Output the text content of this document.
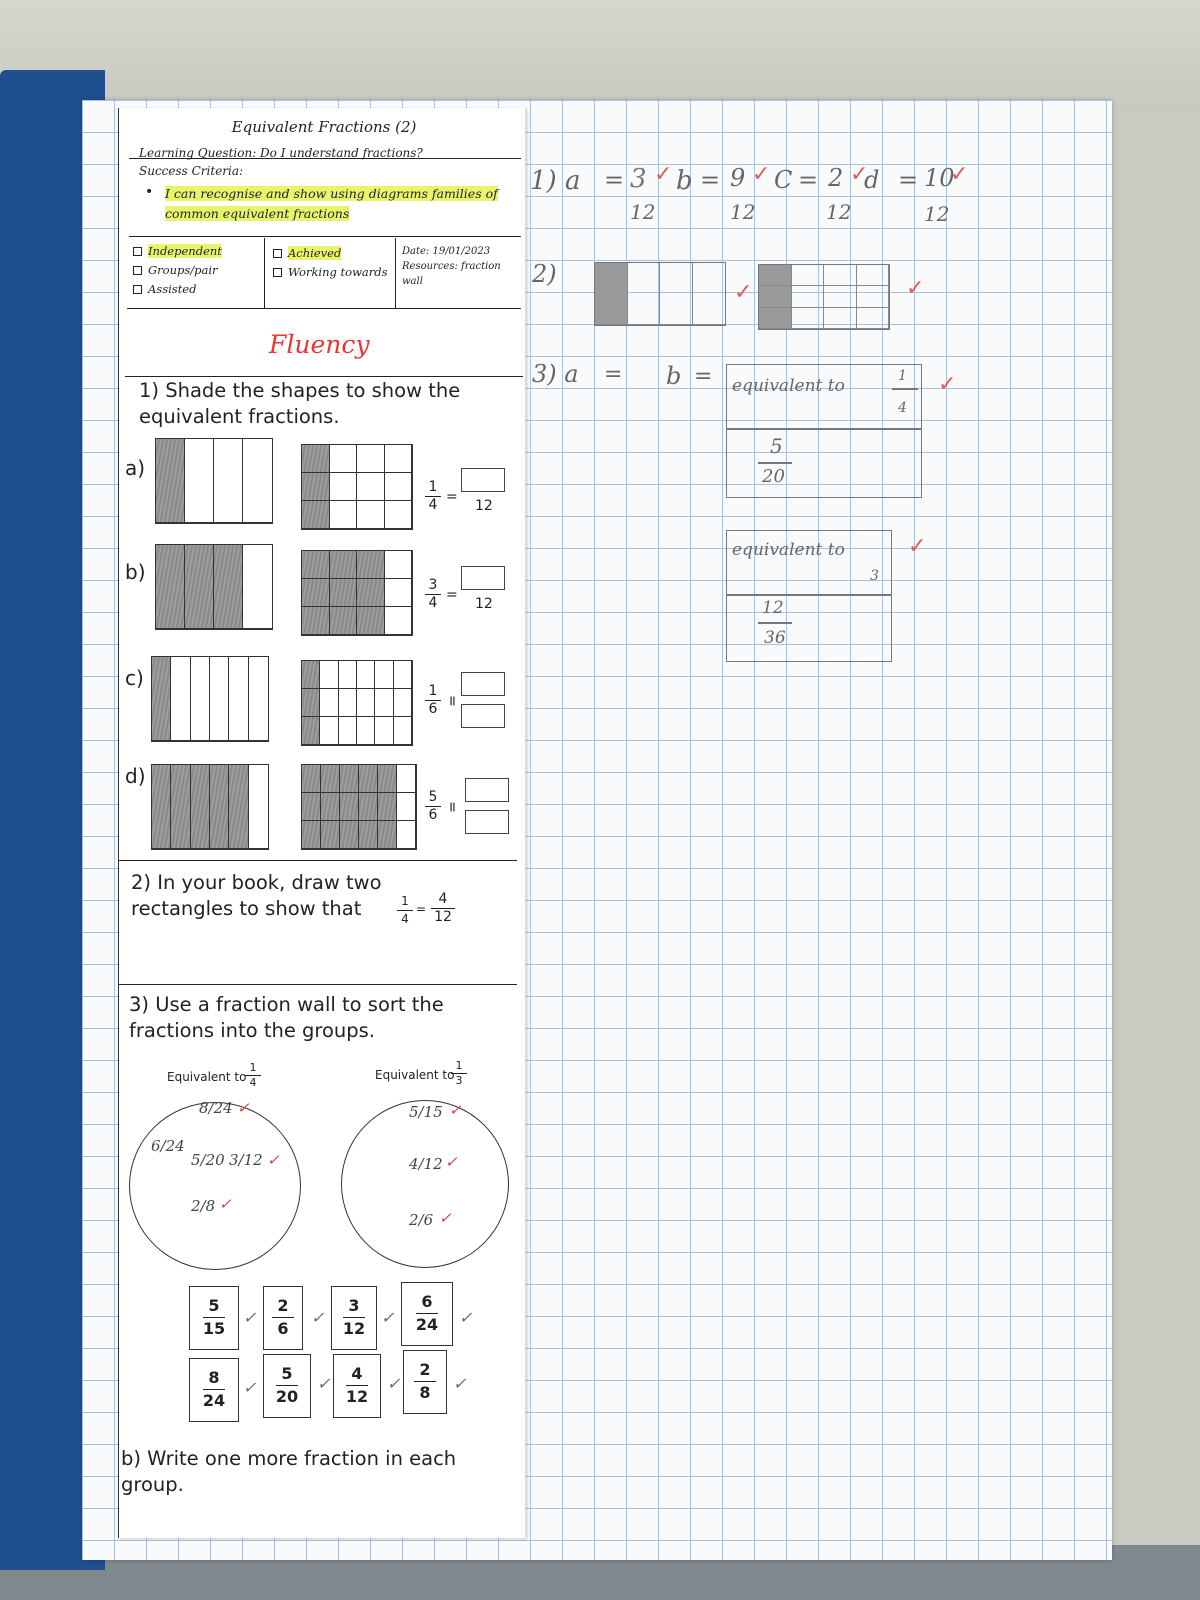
Equivalent Fractions (2)
Learning Question: Do I understand fractions?
Success Criteria:
• I can recognise and show using diagrams families of common equivalent fractions
Independent
Groups/pair
Assisted
Achieved
Working towards
Date: 19/01/2023
Resources: fraction wall
Fluency
1) Shade the shapes to show the equivalent fractions.
a)
1
4 =
12
b)
3
4 =
12
c)
1
6 =
d)
5
6 =
2) In your book, draw two rectangles to show that	1
4
=
4
12
3) Use a fraction wall to sort the fractions into the groups.
Equivalent to
1
4
Equivalent to
1
3
8/24
6/24
5/20 3/12
2/8
✓
✓
✓
5/15
4/12
2/6
✓
✓
✓
5
15
2
6
3
12
6
24
✓	✓	✓	✓
8
24
5
20
4
12
2
8
✓	✓	✓	✓
b) Write one more fraction in each group.
1) a = 3
12
✓ b = 9
12
✓ C = 2
12
✓
d = 10
12
✓
2)
✓	✓
3) a = b = equivalent to	1
4
✓
5
20
equivalent to
3
✓
12
36
